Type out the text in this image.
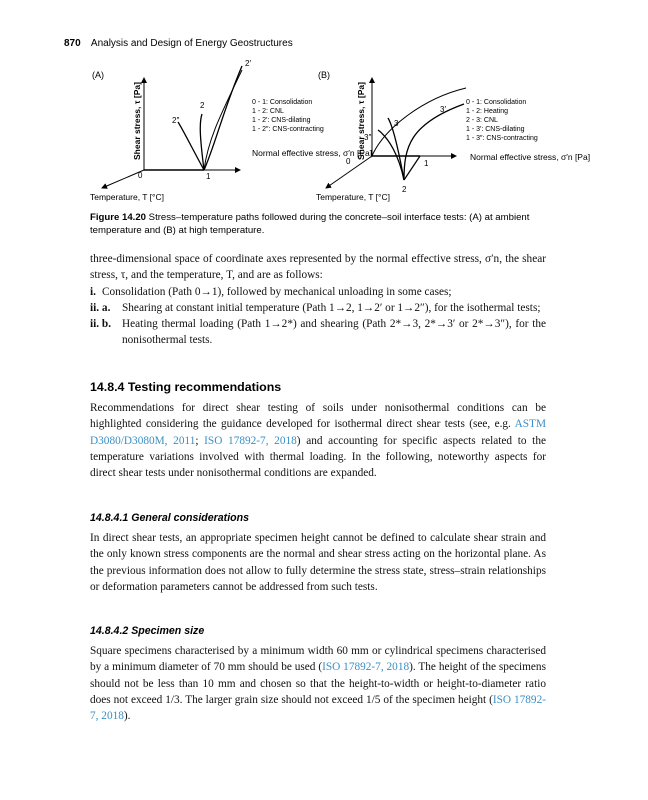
870 Analysis and Design of Energy Geostructures
(A)
0	1
2
2′
2″
Shear stress, τ [Pa]	Normal effective stress, σ′n [Pa]
Temperature, T [°C]
0 - 1: Consolidation
1 - 2: CNL
1 - 2′: CNS-dilating
1 - 2″: CNS-contracting
(B)
0	1
2
3
3′
3″
Shear stress, τ [Pa]	Normal effective stress, σ′n [Pa]
Temperature, T [°C]
0 - 1: Consolidation
1 - 2: Heating
2 - 3: CNL
1 - 3′: CNS-dilating
1 - 3″: CNS-contracting
Figure 14.20 Stress–temperature paths followed during the concrete–soil interface tests: (A) at ambient temperature and (B) at high temperature.

three-dimensional space of coordinate axes represented by the normal effective stress, σ′n, the shear stress, τ, and the temperature, T, and are as follows:

i. Consolidation (Path 0→1), followed by mechanical unloading in some cases;
ii. a. Shearing at constant initial temperature (Path 1→2, 1→2′ or 1→2″), for the isothermal tests;
ii. b. Heating thermal loading (Path 1→2*) and shearing (Path 2*→3, 2*→3′ or 2*→3″), for the nonisothermal tests.
14.8.4 Testing recommendations

Recommendations for direct shear testing of soils under nonisothermal conditions can be highlighted considering the guidance developed for isothermal direct shear tests (see, e.g. ASTM D3080/D3080M, 2011; ISO 17892-7, 2018) and accounting for specific aspects related to the temperature variations involved with thermal loading. In the following, noteworthy aspects for direct shear tests under nonisothermal conditions are expanded.

14.8.4.1 General considerations

In direct shear tests, an appropriate specimen height cannot be defined to calculate shear strain and the only known stress components are the normal and shear stress acting on the horizontal plane. As the previous information does not allow to fully determine the stress state, stress–strain relationships or deformation parameters cannot be addressed from such tests.

14.8.4.2 Specimen size

Square specimens characterised by a minimum width 60 mm or cylindrical specimens characterised by a minimum diameter of 70 mm should be used (ISO 17892-7, 2018). The height of the specimens should not be less than 10 mm and chosen so that the height-to-width or height-to-diameter ratio does not exceed 1/3. The larger grain size should not exceed 1/5 of the specimen height (ISO 17892-7, 2018).
